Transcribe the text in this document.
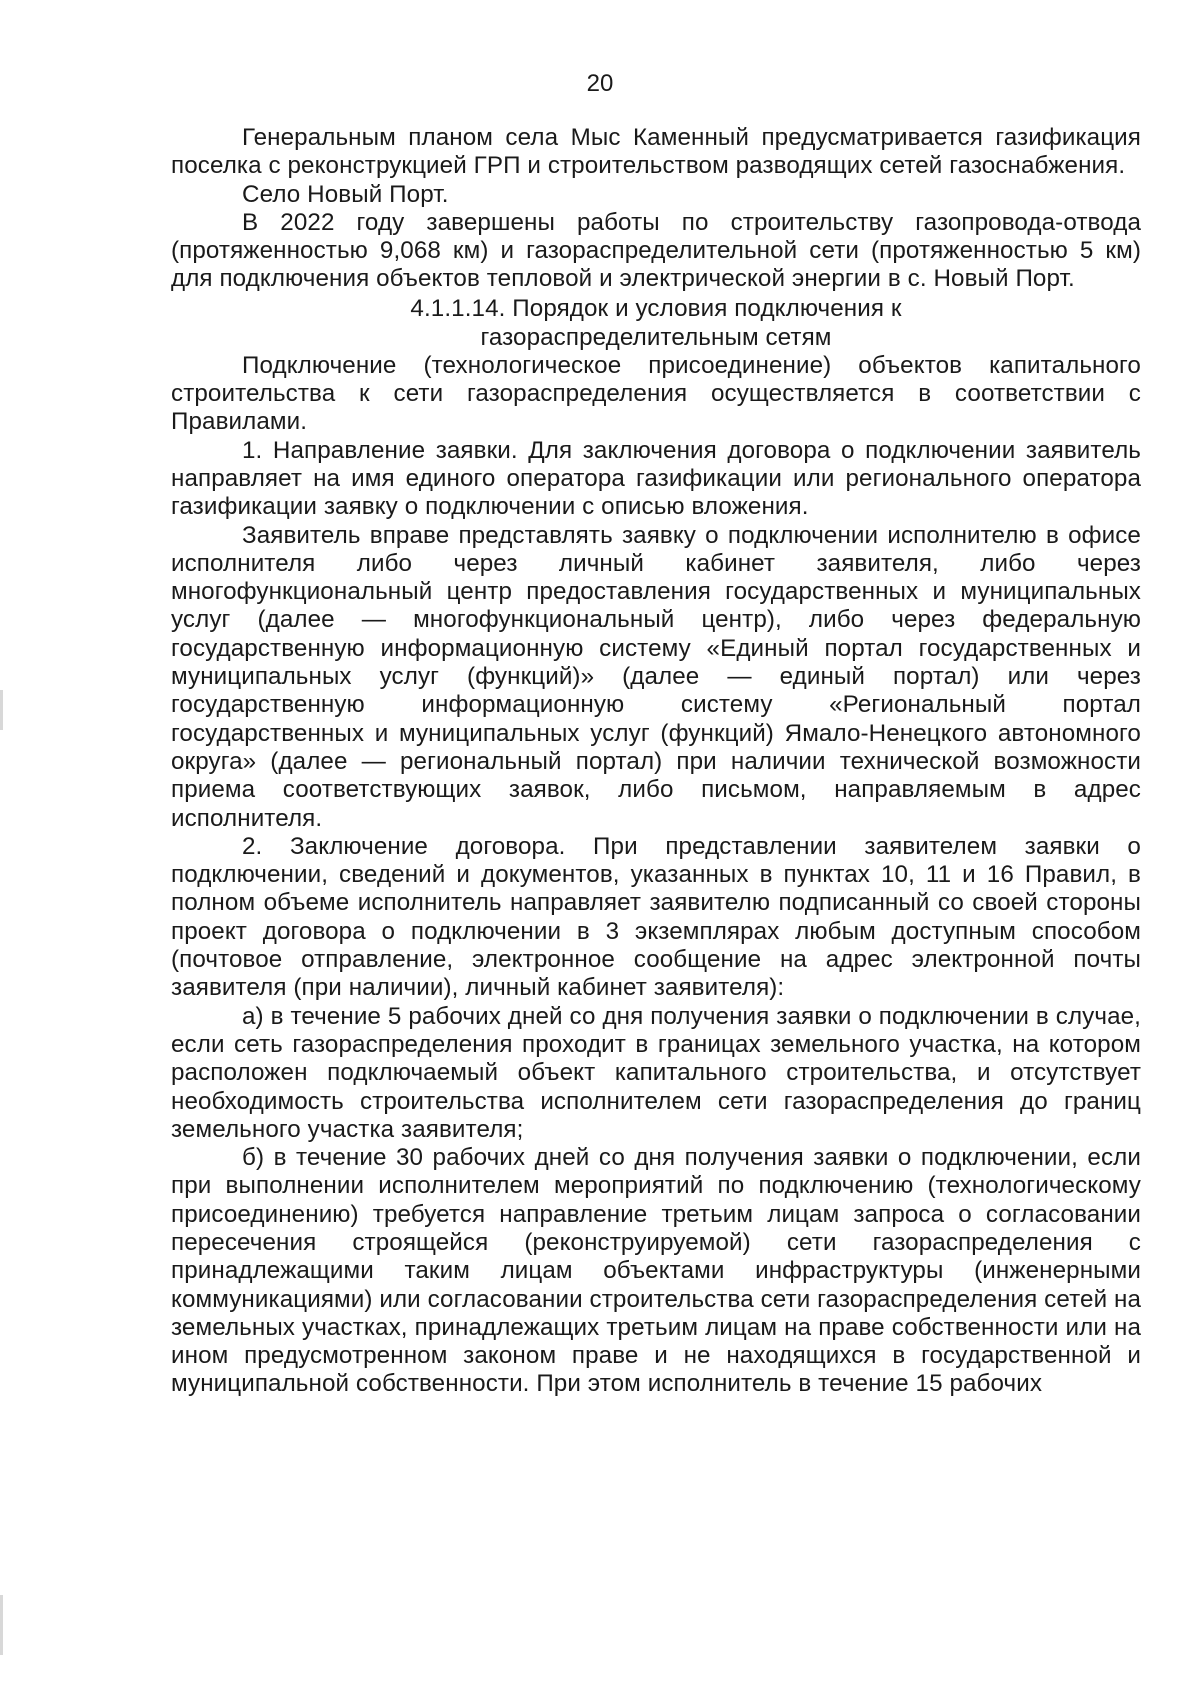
20

Генеральным планом села Мыс Каменный предусматривается газификация поселка с реконструкцией ГРП и строительством разводящих сетей газоснабжения.

Село Новый Порт.

В 2022 году завершены работы по строительству газопровода-отвода (протяженностью 9,068 км) и газораспределительной сети (протяженностью 5 км) для подключения объектов тепловой и электрической энергии в с. Новый Порт.

4.1.1.14. Порядок и условия подключения к
газораспределительным сетям

Подключение (технологическое присоединение) объектов капитального строительства к сети газораспределения осуществляется в соответствии с Правилами.

1. Направление заявки. Для заключения договора о подключении заявитель направляет на имя единого оператора газификации или регионального оператора газификации заявку о подключении с описью вложения.

Заявитель вправе представлять заявку о подключении исполнителю в офисе исполнителя либо через личный кабинет заявителя, либо через многофункциональный центр предоставления государственных и муниципальных услуг (далее — многофункциональный центр), либо через федеральную государственную информационную систему «Единый портал государственных и муниципальных услуг (функций)» (далее — единый портал) или через государственную информационную систему «Региональный портал государственных и муниципальных услуг (функций) Ямало-Ненецкого автономного округа» (далее — региональный портал) при наличии технической возможности приема соответствующих заявок, либо письмом, направляемым в адрес исполнителя.

2. Заключение договора. При представлении заявителем заявки о подключении, сведений и документов, указанных в пунктах 10, 11 и 16 Правил, в полном объеме исполнитель направляет заявителю подписанный со своей стороны проект договора о подключении в 3 экземплярах любым доступным способом (почтовое отправление, электронное сообщение на адрес электронной почты заявителя (при наличии), личный кабинет заявителя):

а) в течение 5 рабочих дней со дня получения заявки о подключении в случае, если сеть газораспределения проходит в границах земельного участка, на котором расположен подключаемый объект капитального строительства, и отсутствует необходимость строительства исполнителем сети газораспределения до границ земельного участка заявителя;

б) в течение 30 рабочих дней со дня получения заявки о подключении, если при выполнении исполнителем мероприятий по подключению (технологическому присоединению) требуется направление третьим лицам запроса о согласовании пересечения строящейся (реконструируемой) сети газораспределения с принадлежащими таким лицам объектами инфраструктуры (инженерными коммуникациями) или согласовании строительства сети газораспределения сетей на земельных участках, принадлежащих третьим лицам на праве собственности или на ином предусмотренном законом праве и не находящихся в государственной и муниципальной собственности. При этом исполнитель в течение 15 рабочих
